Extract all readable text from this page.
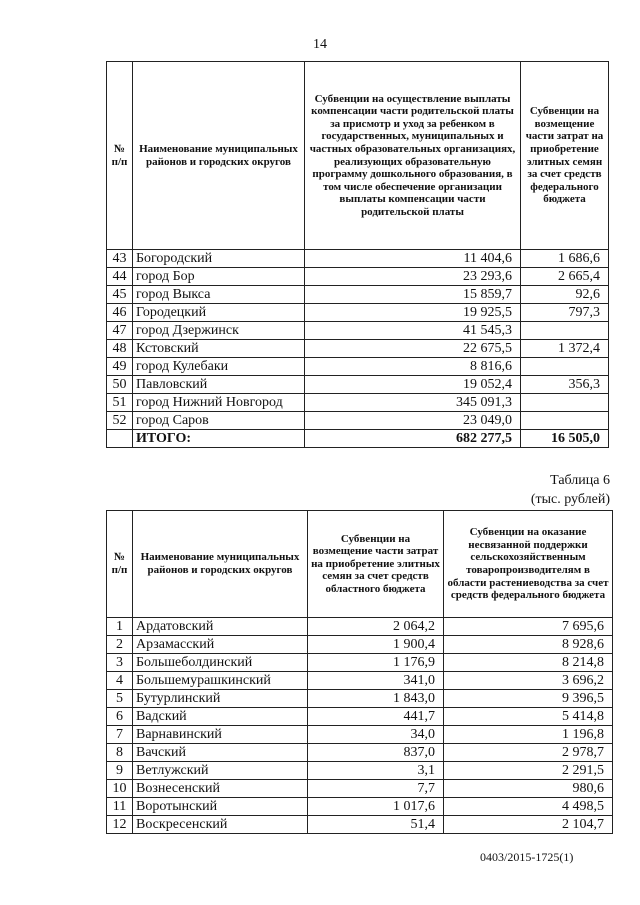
14
№ п/п	Наименование муниципальных районов и городских округов	Субвенции на осуществление выплаты компенсации части родительской платы за присмотр и уход за ребенком в государственных, муниципальных и частных образовательных организациях, реализующих образовательную программу дошкольного образования, в том числе обеспечение организации выплаты компенсации части родительской платы	Субвенции на возмещение части затрат на приобретение элитных семян за счет средств федерального бюджета
43	Богородский	11 404,6	1 686,6
44	город Бор	23 293,6	2 665,4
45	город Выкса	15 859,7	92,6
46	Городецкий	19 925,5	797,3
47	город Дзержинск	41 545,3	
48	Кстовский	22 675,5	1 372,4
49	город Кулебаки	8 816,6	
50	Павловский	19 052,4	356,3
51	город Нижний Новгород	345 091,3	
52	город Саров	23 049,0	
	ИТОГО:	682 277,5	16 505,0
Таблица 6
(тыс. рублей)
№ п/п	Наименование муниципальных районов и городских округов	Субвенции на возмещение части затрат на приобретение элитных семян за счет средств областного бюджета	Субвенции на оказание несвязанной поддержки сельскохозяйственным товаропроизводителям в области растениеводства за счет средств федерального бюджета
1	Ардатовский	2 064,2	7 695,6
2	Арзамасский	1 900,4	8 928,6
3	Большеболдинский	1 176,9	8 214,8
4	Большемурашкинский	341,0	3 696,2
5	Бутурлинский	1 843,0	9 396,5
6	Вадский	441,7	5 414,8
7	Варнавинский	34,0	1 196,8
8	Вачский	837,0	2 978,7
9	Ветлужский	3,1	2 291,5
10	Вознесенский	7,7	980,6
11	Воротынский	1 017,6	4 498,5
12	Воскресенский	51,4	2 104,7
0403/2015-1725(1)
